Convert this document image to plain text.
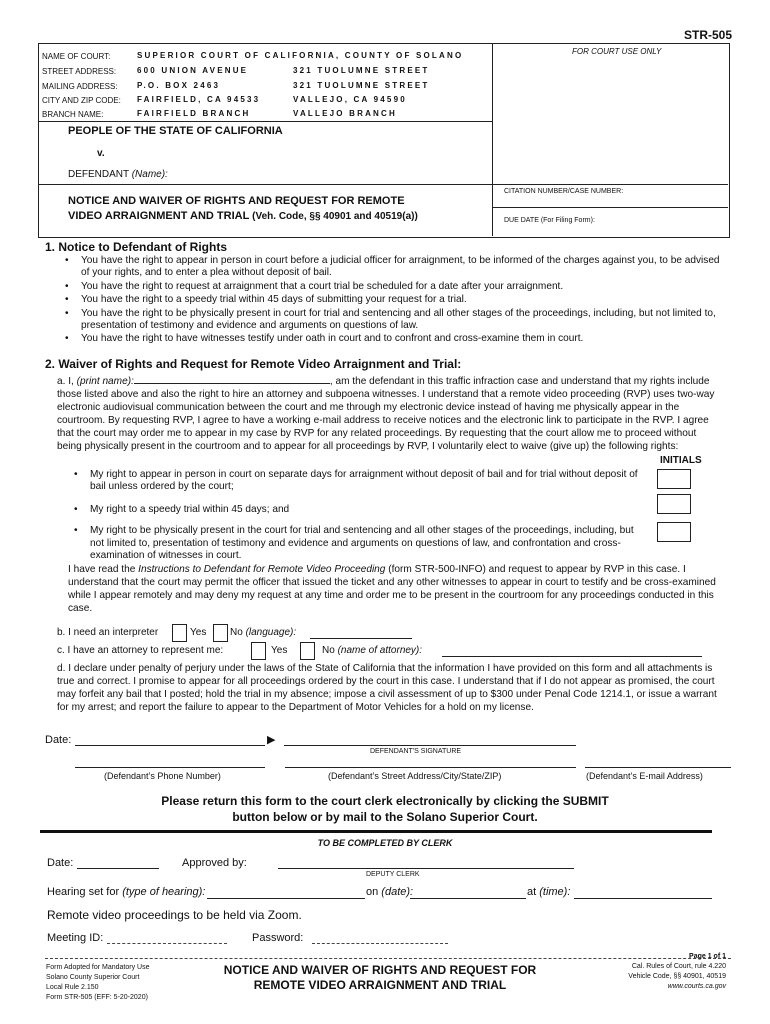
STR-505
FOR COURT USE ONLY
NAME OF COURT:	SUPERIOR COURT OF CALIFORNIA, COUNTY OF SOLANO
STREET ADDRESS:	600 UNION AVENUE	321 TUOLUMNE STREET
MAILING ADDRESS: P.O. BOX 2463	321 TUOLUMNE STREET
CITY AND ZIP CODE: FAIRFIELD, CA 94533	VALLEJO, CA 94590
BRANCH NAME:	FAIRFIELD BRANCH	VALLEJO BRANCH
PEOPLE OF THE STATE OF CALIFORNIA
v.
DEFENDANT (Name):
NOTICE AND WAIVER OF RIGHTS AND REQUEST FOR REMOTE
VIDEO ARRAIGNMENT AND TRIAL (Veh. Code, §§ 40901 and 40519(a))
CITATION NUMBER/CASE NUMBER:
DUE DATE (For Filing Form):
1. Notice to Defendant of Rights
• You have the right to appear in person in court before a judicial officer for arraignment, to be informed of the charges against you, to be advised of your rights, and to enter a plea without deposit of bail.
• You have the right to request at arraignment that a court trial be scheduled for a date after your arraignment.
• You have the right to a speedy trial within 45 days of submitting your request for a trial.
• You have the right to be physically present in court for trial and sentencing and all other stages of the proceedings, including, but not limited to, presentation of testimony and evidence and arguments on questions of law.
• You have the right to have witnesses testify under oath in court and to confront and cross-examine them in court.
2. Waiver of Rights and Request for Remote Video Arraignment and Trial:

a. I, (print name):	, am the defendant in this traffic infraction case and understand that my rights include those listed above and also the right to hire an attorney and subpoena witnesses. I understand that a remote video proceeding (RVP) uses two-way electronic audiovisual communication between the court and me through my electronic device instead of having me physically appear in the courtroom. By requesting RVP, I agree to have a working e-mail address to receive notices and the electronic link to participate in the RVP. I agree that the court may order me to appear in my case by RVP for any related proceedings. By requesting that the court allow me to proceed without being physically present in the courtroom and to appear for all proceedings by RVP, I voluntarily elect to waive (give up) the following rights:

INITIALS
• My right to appear in person in court on separate days for arraignment without deposit of bail and for trial without deposit of bail unless ordered by the court;
• My right to a speedy trial within 45 days; and
• My right to be physically present in the court for trial and sentencing and all other stages of the proceedings, including, but not limited to, presentation of testimony and evidence and arguments on questions of law, and confrontation and cross-examination of witnesses in court.

I have read the Instructions to Defendant for Remote Video Proceeding (form STR-500-INFO) and request to appear by RVP in this case. I understand that the court may permit the officer that issued the ticket and any other witnesses to appear in court to testify and be cross-examined while I appear remotely and may deny my request at any time and order me to be present in the courtroom for any proceedings conducted in this case.

b. I need an interpreter	Yes No (language):
c. I have an attorney to represent me:	Yes	No (name of attorney):

d. I declare under penalty of perjury under the laws of the State of California that the information I have provided on this form and all attachments is true and correct. I promise to appear for all proceedings ordered by the court in this case. I understand that if I do not appear as promised, the court may forfeit any bail that I posted; hold the trial in my absence; impose a civil assessment of up to $300 under Penal Code 1214.1, or issue a warrant for my arrest; and report the failure to appear to the Department of Motor Vehicles for a hold on my license.

Date:	▶
DEFENDANT'S SIGNATURE
(Defendant’s Phone Number)	(Defendant’s Street Address/City/State/ZIP)	(Defendant’s E-mail Address)
Please return this form to the court clerk electronically by clicking the SUBMIT
button below or by mail to the Solano Superior Court.
TO BE COMPLETED BY CLERK
Date:	Approved by:
DEPUTY CLERK
Hearing set for (type of hearing):	on (date):	at (time):
Remote video proceedings to be held via Zoom.
Meeting ID:	Password:
Form Adopted for Mandatory Use
Solano County Superior Court
Local Rule 2.150
Form STR-505 (EFF: 5-20-2020)
NOTICE AND WAIVER OF RIGHTS AND REQUEST FOR
REMOTE VIDEO ARRAIGNMENT AND TRIAL
Page 1 of 1
Cal. Rules of Court, rule 4.220
Vehicle Code, §§ 40901, 40519
www.courts.ca.gov
